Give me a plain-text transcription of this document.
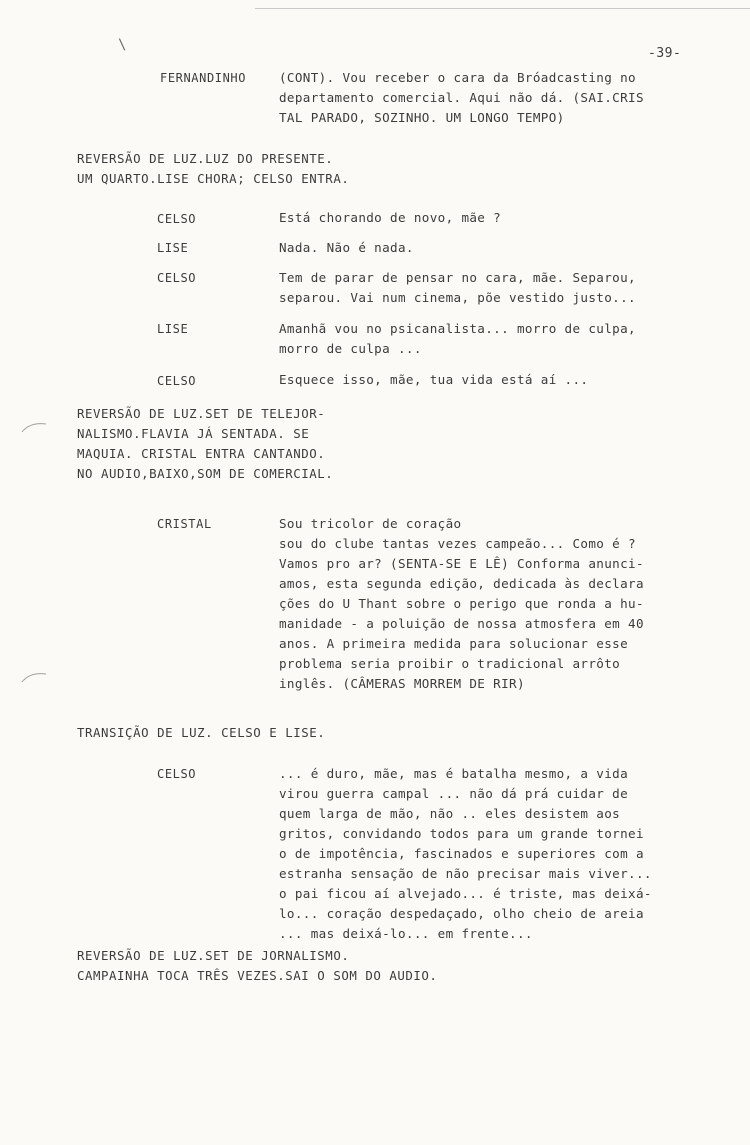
\
-39-
FERNANDINHO	(CONT). Vou receber o cara da Bróadcasting no
departamento comercial. Aqui não dá. (SAI.CRIS
TAL PARADO, SOZINHO. UM LONGO TEMPO)
REVERSÃO DE LUZ.LUZ DO PRESENTE.
UM QUARTO.LISE CHORA; CELSO ENTRA.
CELSO	Está chorando de novo, mãe ?
LISE	Nada. Não é nada.
CELSO	Tem de parar de pensar no cara, mãe. Separou,
separou. Vai num cinema, põe vestido justo...
LISE	Amanhã vou no psicanalista... morro de culpa,
morro de culpa ...
CELSO	Esquece isso, mãe, tua vida está aí ...
REVERSÃO DE LUZ.SET DE TELEJOR-
NALISMO.FLAVIA JÁ SENTADA. SE
MAQUIA. CRISTAL ENTRA CANTANDO.
NO AUDIO,BAIXO,SOM DE COMERCIAL.
CRISTAL	Sou tricolor de coração
sou do clube tantas vezes campeão... Como é ?
Vamos pro ar? (SENTA-SE E LÊ) Conforma anunci-
amos, esta segunda edição, dedicada às declara
ções do U Thant sobre o perigo que ronda a hu-
manidade - a poluição de nossa atmosfera em 40
anos. A primeira medida para solucionar esse
problema seria proibir o tradicional arrôto
inglês. (CÂMERAS MORREM DE RIR)
TRANSIÇÃO DE LUZ. CELSO E LISE.
CELSO	... é duro, mãe, mas é batalha mesmo, a vida
virou guerra campal ... não dá prá cuidar de
quem larga de mão, não .. eles desistem aos
gritos, convidando todos para um grande tornei
o de impotência, fascinados e superiores com a
estranha sensação de não precisar mais viver...
o pai ficou aí alvejado... é triste, mas deixá-
lo... coração despedaçado, olho cheio de areia
... mas deixá-lo... em frente...
REVERSÃO DE LUZ.SET DE JORNALISMO.
CAMPAINHA TOCA TRÊS VEZES.SAI O SOM DO AUDIO.
